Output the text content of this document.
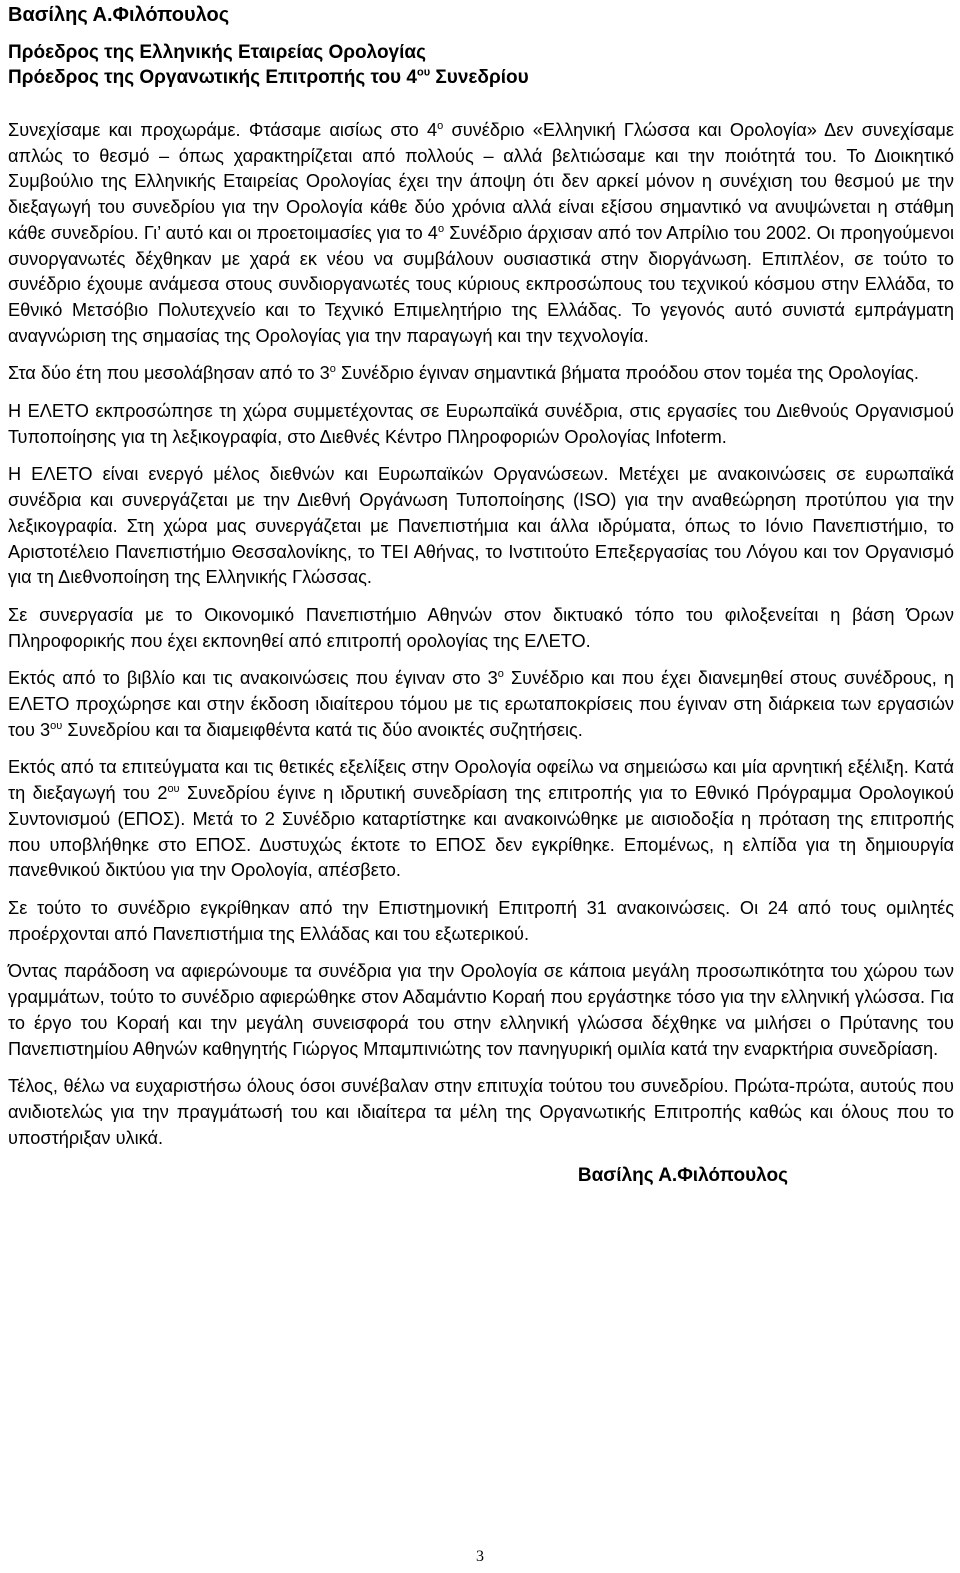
Βασίλης Α.Φιλόπουλος
Πρόεδρος της Ελληνικής Εταιρείας Ορολογίας
Πρόεδρος της Οργανωτικής Επιτροπής του $4^{o\upsilon}$ Συνεδρίου

Συνεχίσαμε και προχωράμε. Φτάσαμε αισίως στο $4^o$ συνέδριο «Ελληνική Γλώσσα και Ορολογία» Δεν συνεχίσαμε απλώς το θεσμό – όπως χαρακτηρίζεται από πολλούς – αλλά βελτιώσαμε και την ποιότητά του. Το Διοικητικό Συμβούλιο της Ελληνικής Εταιρείας Ορολογίας έχει την άποψη ότι δεν αρκεί μόνον η συνέχιση του θεσμού με την διεξαγωγή του συνεδρίου για την Ορολογία κάθε δύο χρόνια αλλά είναι εξίσου σημαντικό να ανυψώνεται η στάθμη κάθε συνεδρίου. Γι’ αυτό και οι προετοιμασίες για το $4^o$ Συνέδριο άρχισαν από τον Απρίλιο του 2002. Οι προηγούμενοι συνοργανωτές δέχθηκαν με χαρά εκ νέου να συμβάλουν ουσιαστικά στην διοργάνωση. Επιπλέον, σε τούτο το συνέδριο έχουμε ανάμεσα στους συνδιοργανωτές τους κύριους εκπροσώπους του τεχνικού κόσμου στην Ελλάδα, το Εθνικό Μετσόβιο Πολυτεχνείο και το Τεχνικό Επιμελητήριο της Ελλάδας. Το γεγονός αυτό συνιστά εμπράγματη αναγνώριση της σημασίας της Ορολογίας για την παραγωγή και την τεχνολογία.

Στα δύο έτη που μεσολάβησαν από το $3^o$ Συνέδριο έγιναν σημαντικά βήματα προόδου στον τομέα της Ορολογίας.

Η ΕΛΕΤΟ εκπροσώπησε τη χώρα συμμετέχοντας σε Ευρωπαϊκά συνέδρια, στις εργασίες του Διεθνούς Οργανισμού Τυποποίησης για τη λεξικογραφία, στο Διεθνές Κέντρο Πληροφοριών Ορολογίας Infoterm.

Η ΕΛΕΤΟ είναι ενεργό μέλος διεθνών και Ευρωπαϊκών Οργανώσεων. Μετέχει με ανακοινώσεις σε ευρωπαϊκά συνέδρια και συνεργάζεται με την Διεθνή Οργάνωση Τυποποίησης (ISO) για την αναθεώρηση προτύπου για την λεξικογραφία. Στη χώρα μας συνεργάζεται με Πανεπιστήμια και άλλα ιδρύματα, όπως το Ιόνιο Πανεπιστήμιο, το Αριστοτέλειο Πανεπιστήμιο Θεσσαλονίκης, το ΤΕΙ Αθήνας, το Ινστιτούτο Επεξεργασίας του Λόγου και τον Οργανισμό για τη Διεθνοποίηση της Ελληνικής Γλώσσας.

Σε συνεργασία με το Οικονομικό Πανεπιστήμιο Αθηνών στον δικτυακό τόπο του φιλοξενείται η βάση Όρων Πληροφορικής που έχει εκπονηθεί από επιτροπή ορολογίας της ΕΛΕΤΟ.

Εκτός από το βιβλίο και τις ανακοινώσεις που έγιναν στο $3^o$ Συνέδριο και που έχει διανεμηθεί στους συνέδρους, η ΕΛΕΤΟ προχώρησε και στην έκδοση ιδιαίτερου τόμου με τις ερωταποκρίσεις που έγιναν στη διάρκεια των εργασιών του $3^{o\upsilon}$ Συνεδρίου και τα διαμειφθέντα κατά τις δύο ανοικτές συζητήσεις.

Εκτός από τα επιτεύγματα και τις θετικές εξελίξεις στην Ορολογία οφείλω να σημειώσω και μία αρνητική εξέλιξη. Κατά τη διεξαγωγή του $2^{o\upsilon}$ Συνεδρίου έγινε η ιδρυτική συνεδρίαση της επιτροπής για το Εθνικό Πρόγραμμα Ορολογικού Συντονισμού (ΕΠΟΣ). Μετά το 2 Συνέδριο καταρτίστηκε και ανακοινώθηκε με αισιοδοξία η πρόταση της επιτροπής που υποβλήθηκε στο ΕΠΟΣ. Δυστυχώς έκτοτε το ΕΠΟΣ δεν εγκρίθηκε. Επομένως, η ελπίδα για τη δημιουργία πανεθνικού δικτύου για την Ορολογία, απέσβετο.

Σε τούτο το συνέδριο εγκρίθηκαν από την Επιστημονική Επιτροπή 31 ανακοινώσεις. Οι 24 από τους ομιλητές προέρχονται από Πανεπιστήμια της Ελλάδας και του εξωτερικού.

Όντας παράδοση να αφιερώνουμε τα συνέδρια για την Ορολογία σε κάποια μεγάλη προσωπικότητα του χώρου των γραμμάτων, τούτο το συνέδριο αφιερώθηκε στον Αδαμάντιο Κοραή που εργάστηκε τόσο για την ελληνική γλώσσα. Για το έργο του Κοραή και την μεγάλη συνεισφορά του στην ελληνική γλώσσα δέχθηκε να μιλήσει ο Πρύτανης του Πανεπιστημίου Αθηνών καθηγητής Γιώργος Μπαμπινιώτης τον πανηγυρική ομιλία κατά την εναρκτήρια συνεδρίαση.

Τέλος, θέλω να ευχαριστήσω όλους όσοι συνέβαλαν στην επιτυχία τούτου του συνεδρίου. Πρώτα-πρώτα, αυτούς που ανιδιοτελώς για την πραγμάτωσή του και ιδιαίτερα τα μέλη της Οργανωτικής Επιτροπής καθώς και όλους που το υποστήριξαν υλικά.

Βασίλης Α.Φιλόπουλος
3
